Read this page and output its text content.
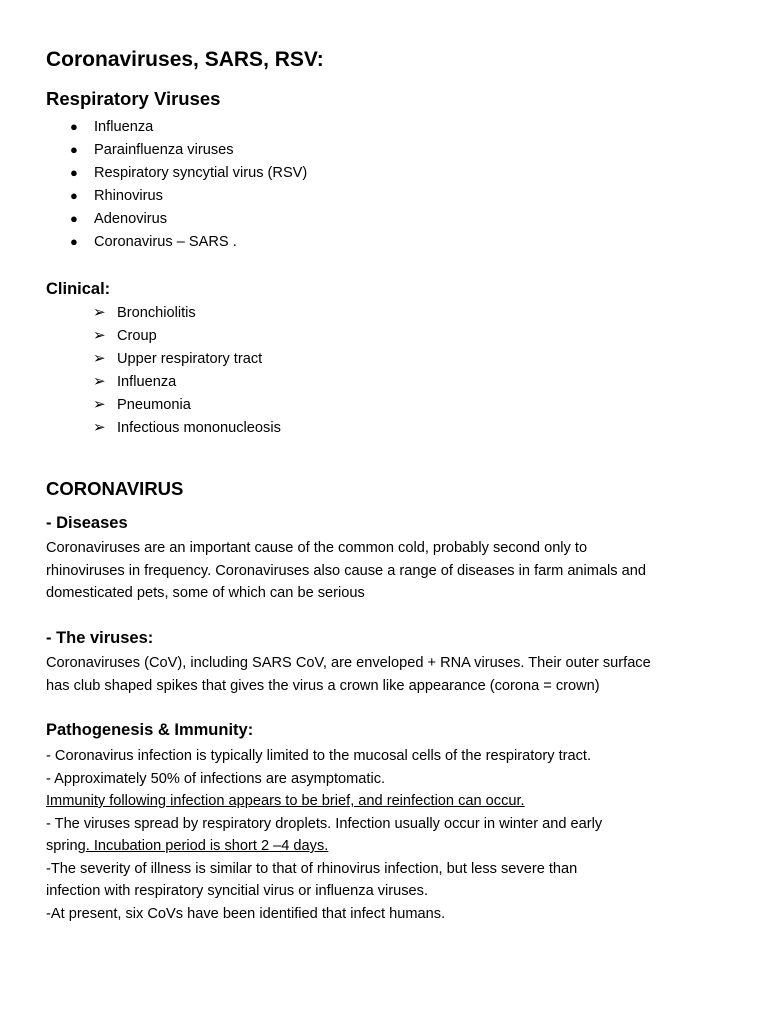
Coronaviruses, SARS, RSV:
Respiratory Viruses
● Influenza
● Parainfluenza viruses
● Respiratory syncytial virus (RSV)
● Rhinovirus
● Adenovirus
● Coronavirus – SARS .
Clinical:
➢ Bronchiolitis
➢ Croup
➢ Upper respiratory tract
➢ Influenza
➢ Pneumonia
➢ Infectious mononucleosis
CORONAVIRUS
- Diseases

Coronaviruses are an important cause of the common cold, probably second only to

rhinoviruses in frequency. Coronaviruses also cause a range of diseases in farm animals and

domesticated pets, some of which can be serious

- The viruses:

Coronaviruses (CoV), including SARS CoV, are enveloped + RNA viruses. Their outer surface

has club shaped spikes that gives the virus a crown like appearance (corona = crown)

Pathogenesis & Immunity:

- Coronavirus infection is typically limited to the mucosal cells of the respiratory tract.

- Approximately 50% of infections are asymptomatic.

Immunity following infection appears to be brief, and reinfection can occur.

- The viruses spread by respiratory droplets. Infection usually occur in winter and early

spring. Incubation period is short 2 –4 days.

-The severity of illness is similar to that of rhinovirus infection, but less severe than

infection with respiratory syncitial virus or influenza viruses.

-At present, six CoVs have been identified that infect humans.
